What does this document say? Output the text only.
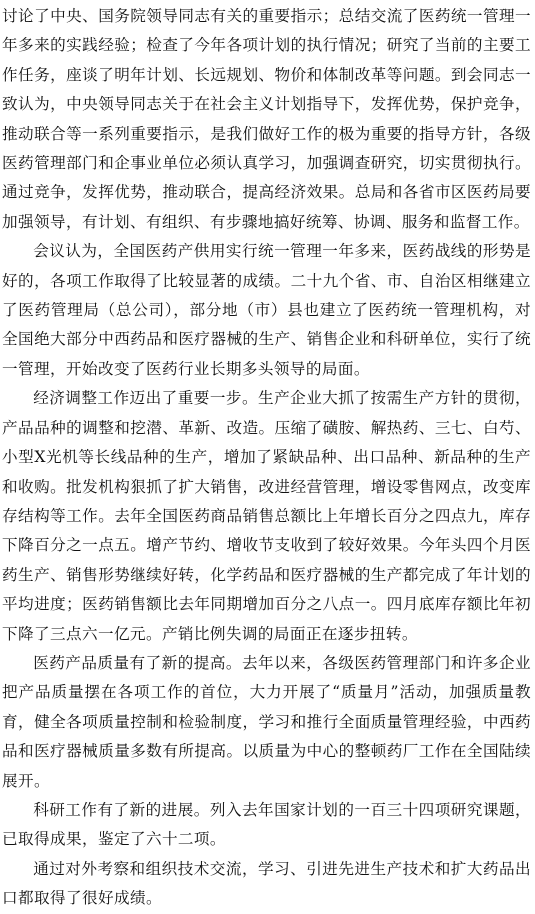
讨论了中央、国务院领导同志有关的重要指示；总结交流了医药统一管理一年多来的实践经验；检查了今年各项计划的执行情况；研究了当前的主要工作任务，座谈了明年计划、长远规划、物价和体制改革等问题。到会同志一致认为，中央领导同志关于在社会主义计划指导下，发挥优势，保护竞争，推动联合等一系列重要指示，是我们做好工作的极为重要的指导方针，各级医药管理部门和企事业单位必须认真学习，加强调查研究，切实贯彻执行。通过竞争，发挥优势，推动联合，提高经济效果。总局和各省市区医药局要加强领导，有计划、有组织、有步骤地搞好统筹、协调、服务和监督工作。

会议认为，全国医药产供用实行统一管理一年多来，医药战线的形势是好的，各项工作取得了比较显著的成绩。二十九个省、市、自治区相继建立了医药管理局（总公司），部分地（市）县也建立了医药统一管理机构，对全国绝大部分中西药品和医疗器械的生产、销售企业和科研单位，实行了统一管理，开始改变了医药行业长期多头领导的局面。

经济调整工作迈出了重要一步。生产企业大抓了按需生产方针的贯彻，产品品种的调整和挖潜、革新、改造。压缩了磺胺、解热药、三七、白芍、小型X光机等长线品种的生产，增加了紧缺品种、出口品种、新品种的生产和收购。批发机构狠抓了扩大销售，改进经营管理，增设零售网点，改变库存结构等工作。去年全国医药商品销售总额比上年增长百分之四点九，库存下降百分之一点五。增产节约、增收节支收到了较好效果。今年头四个月医药生产、销售形势继续好转，化学药品和医疗器械的生产都完成了年计划的平均进度；医药销售额比去年同期增加百分之八点一。四月底库存额比年初下降了三点六一亿元。产销比例失调的局面正在逐步扭转。

医药产品质量有了新的提高。去年以来，各级医药管理部门和许多企业把产品质量摆在各项工作的首位，大力开展了“质量月”活动，加强质量教育，健全各项质量控制和检验制度，学习和推行全面质量管理经验，中西药品和医疗器械质量多数有所提高。以质量为中心的整顿药厂工作在全国陆续展开。

科研工作有了新的进展。列入去年国家计划的一百三十四项研究课题，已取得成果，鉴定了六十二项。

通过对外考察和组织技术交流，学习、引进先进生产技术和扩大药品出口都取得了很好成绩。
